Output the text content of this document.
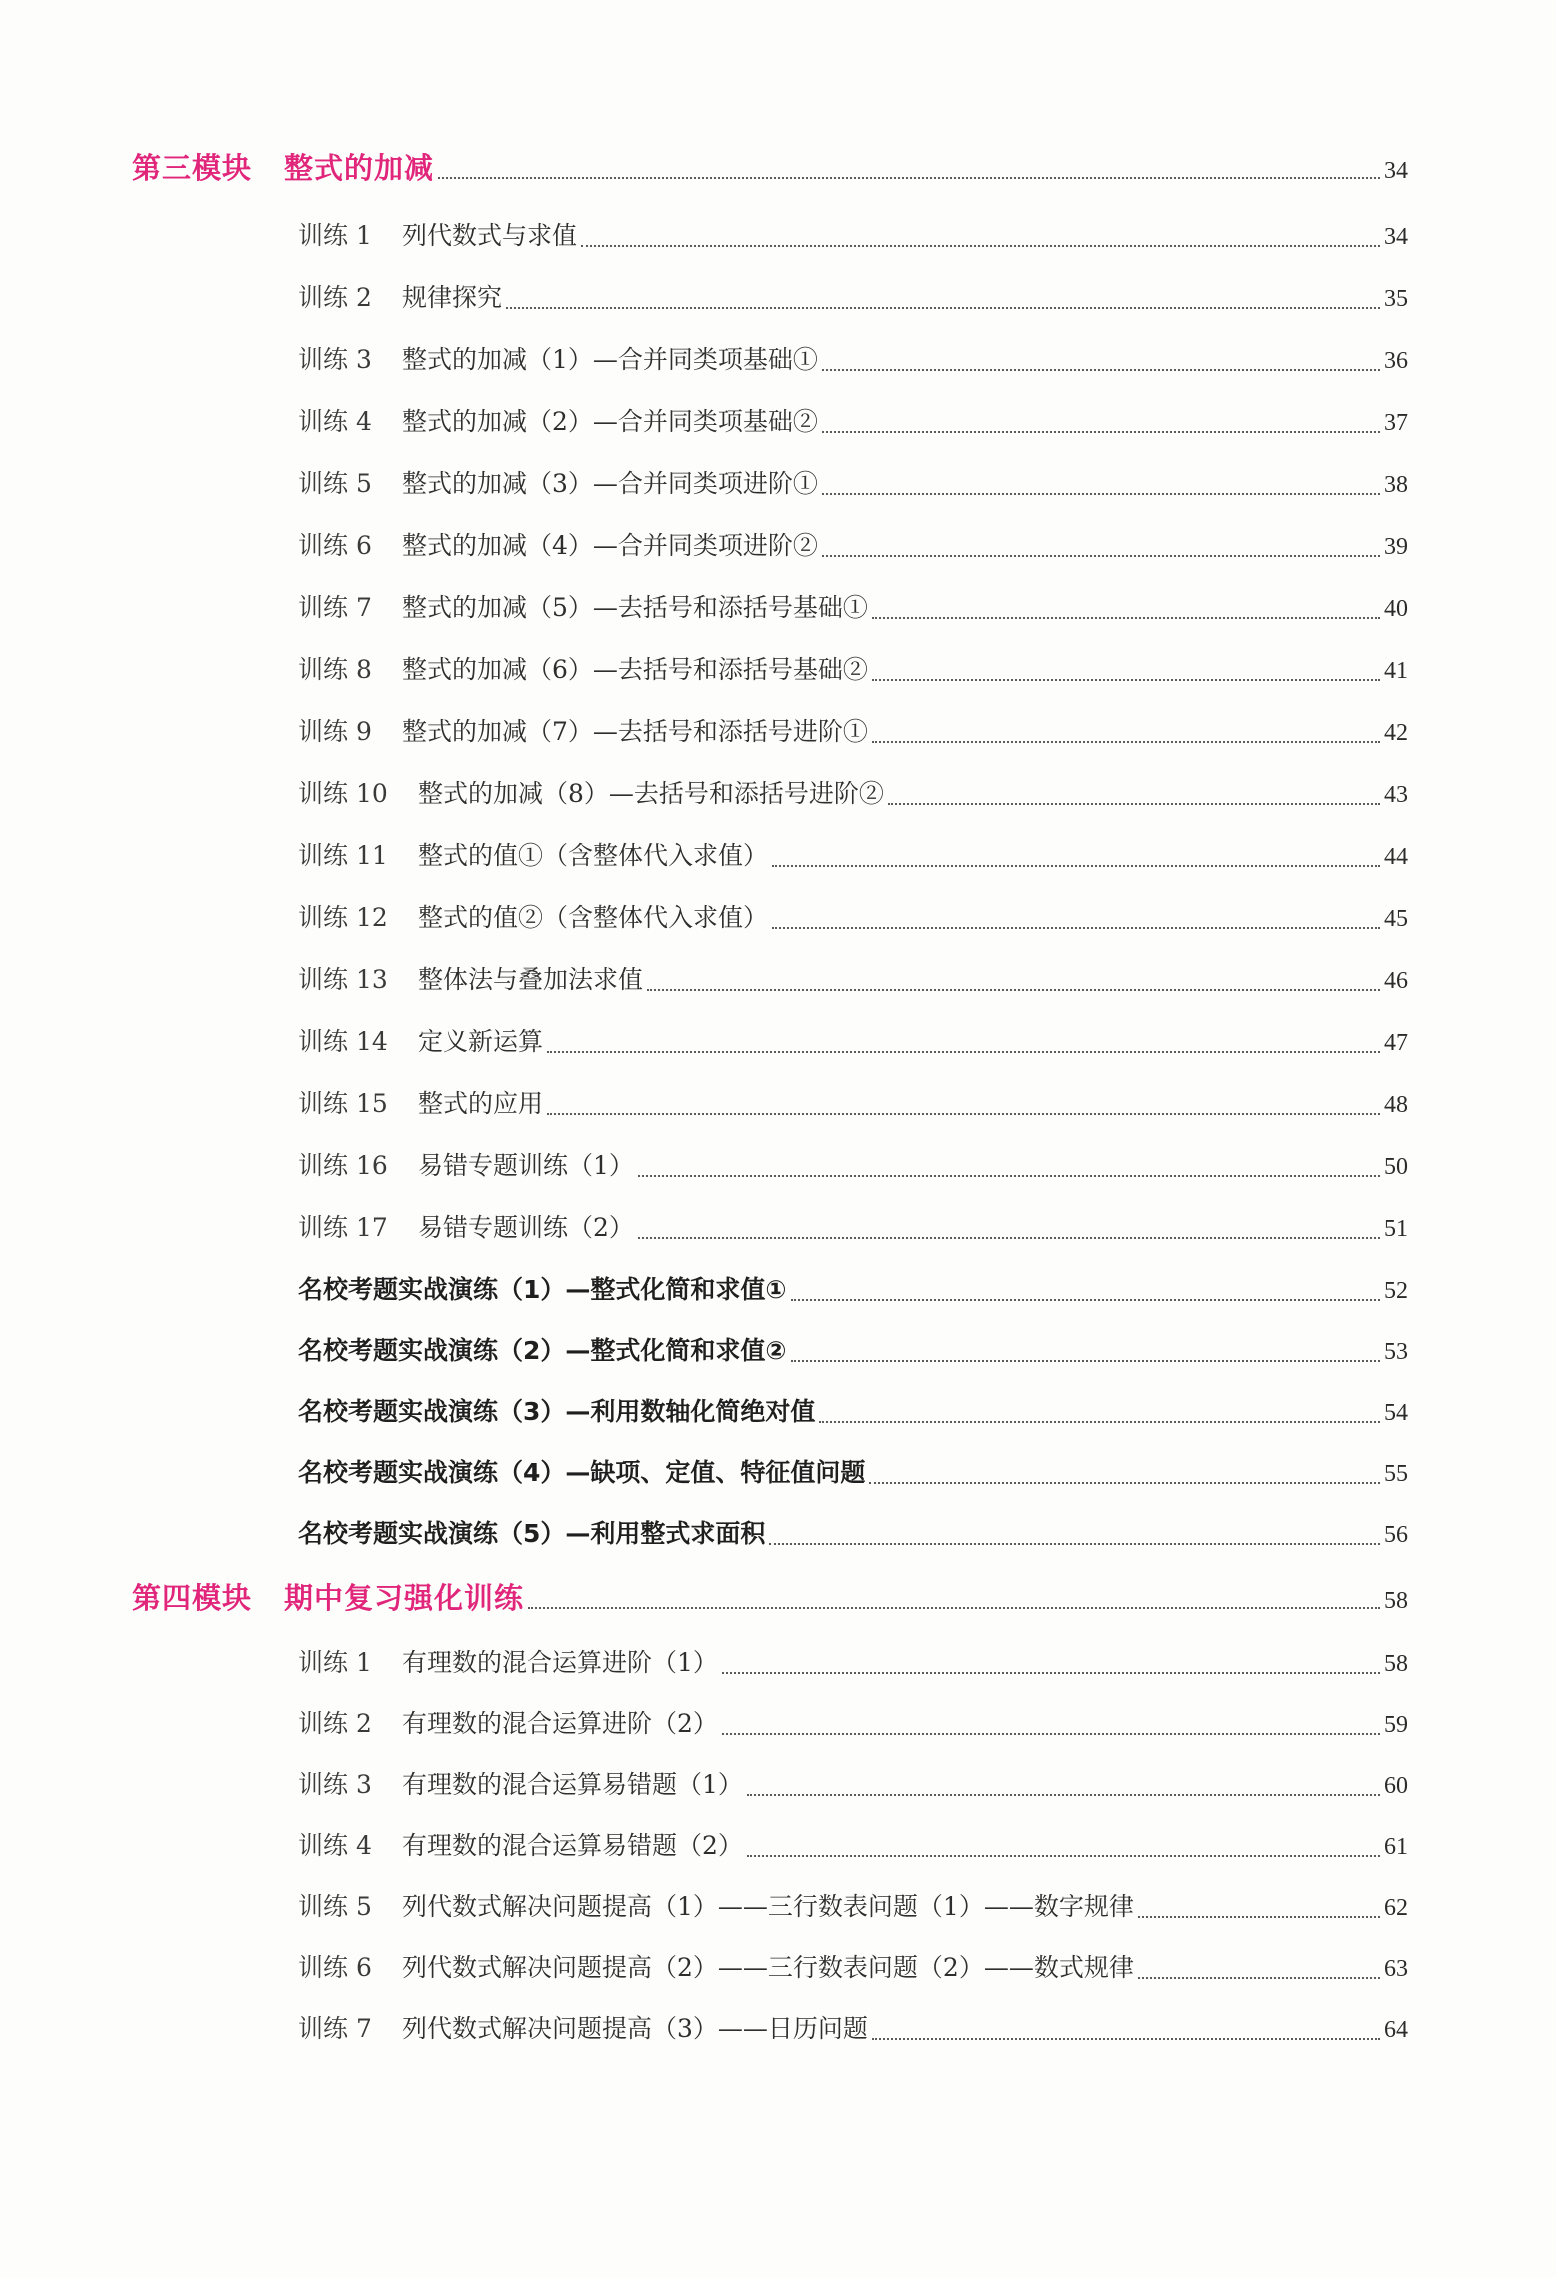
第三模块 整式的加减	34
训练 1	列代数式与求值	34
训练 2	规律探究	35
训练 3	整式的加减（1）—合并同类项基础①	36
训练 4	整式的加减（2）—合并同类项基础②	37
训练 5	整式的加减（3）—合并同类项进阶①	38
训练 6	整式的加减（4）—合并同类项进阶②	39
训练 7	整式的加减（5）—去括号和添括号基础①	40
训练 8	整式的加减（6）—去括号和添括号基础②	41
训练 9	整式的加减（7）—去括号和添括号进阶①	42
训练 10	整式的加减（8）—去括号和添括号进阶②	43
训练 11	整式的值①（含整体代入求值）	44
训练 12	整式的值②（含整体代入求值）	45
训练 13	整体法与叠加法求值	46
训练 14	定义新运算	47
训练 15	整式的应用	48
训练 16	易错专题训练（1）	50
训练 17	易错专题训练（2）	51
名校考题实战演练（1）—整式化简和求值①	52
名校考题实战演练（2）—整式化简和求值②	53
名校考题实战演练（3）—利用数轴化简绝对值	54
名校考题实战演练（4）—缺项、定值、特征值问题	55
名校考题实战演练（5）—利用整式求面积	56
第四模块 期中复习强化训练	58
训练 1	有理数的混合运算进阶（1）	58
训练 2	有理数的混合运算进阶（2）	59
训练 3	有理数的混合运算易错题（1）	60
训练 4	有理数的混合运算易错题（2）	61
训练 5	列代数式解决问题提高（1）——三行数表问题（1）——数字规律	62
训练 6	列代数式解决问题提高（2）——三行数表问题（2）——数式规律	63
训练 7	列代数式解决问题提高（3）——日历问题	64
